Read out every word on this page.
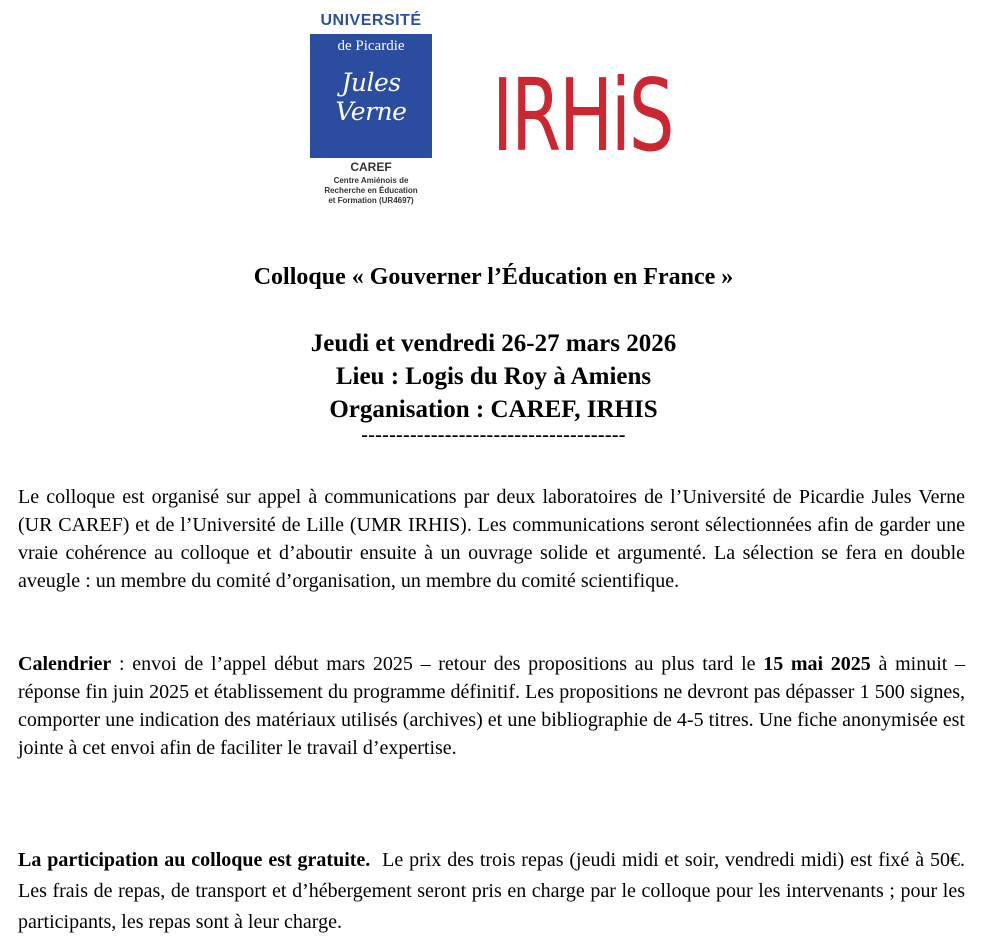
UNIVERSITÉ
de Picardie
Jules Verne
CAREF
Centre Amiénois de
Recherche en Éducation
et Formation (UR4697)
IRHiS
Colloque « Gouverner l’Éducation en France »
Jeudi et vendredi 26-27 mars 2026
Lieu : Logis du Roy à Amiens
Organisation : CAREF, IRHIS
--------------------------------------
Le colloque est organisé sur appel à communications par deux laboratoires de l’Université de Picardie Jules Verne (UR CAREF) et de l’Université de Lille (UMR IRHIS). Les communications seront sélectionnées afin de garder une vraie cohérence au colloque et d’aboutir ensuite à un ouvrage solide et argumenté. La sélection se fera en double aveugle : un membre du comité d’organisation, un membre du comité scientifique.
Calendrier : envoi de l’appel début mars 2025 – retour des propositions au plus tard le 15 mai 2025 à minuit – réponse fin juin 2025 et établissement du programme définitif. Les propositions ne devront pas dépasser 1 500 signes, comporter une indication des matériaux utilisés (archives) et une bibliographie de 4-5 titres. Une fiche anonymisée est jointe à cet envoi afin de faciliter le travail d’expertise.
La participation au colloque est gratuite.  Le prix des trois repas (jeudi midi et soir, vendredi midi) est fixé à 50€. Les frais de repas, de transport et d’hébergement seront pris en charge par le colloque pour les intervenants ; pour les participants, les repas sont à leur charge.
